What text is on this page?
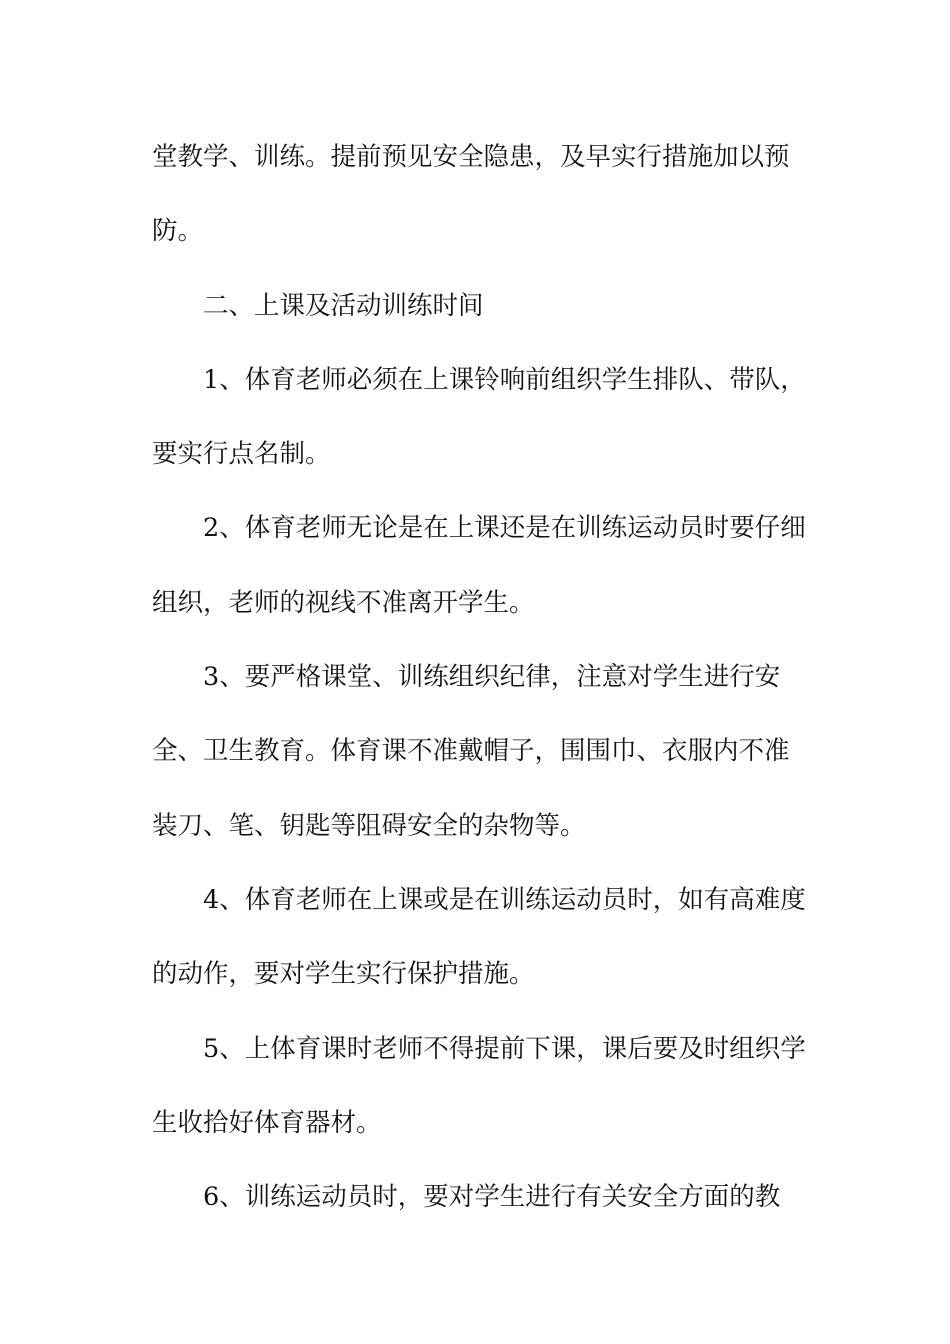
堂教学、训练。提前预见安全隐患，及早实行措施加以预
防。
二、上课及活动训练时间
1、体育老师必须在上课铃响前组织学生排队、带队，
要实行点名制。
2、体育老师无论是在上课还是在训练运动员时要仔细
组织，老师的视线不准离开学生。
3、要严格课堂、训练组织纪律，注意对学生进行安
全、卫生教育。体育课不准戴帽子，围围巾、衣服内不准
装刀、笔、钥匙等阻碍安全的杂物等。
4、体育老师在上课或是在训练运动员时，如有高难度
的动作，要对学生实行保护措施。
5、上体育课时老师不得提前下课，课后要及时组织学
生收拾好体育器材。
6、训练运动员时，要对学生进行有关安全方面的教
